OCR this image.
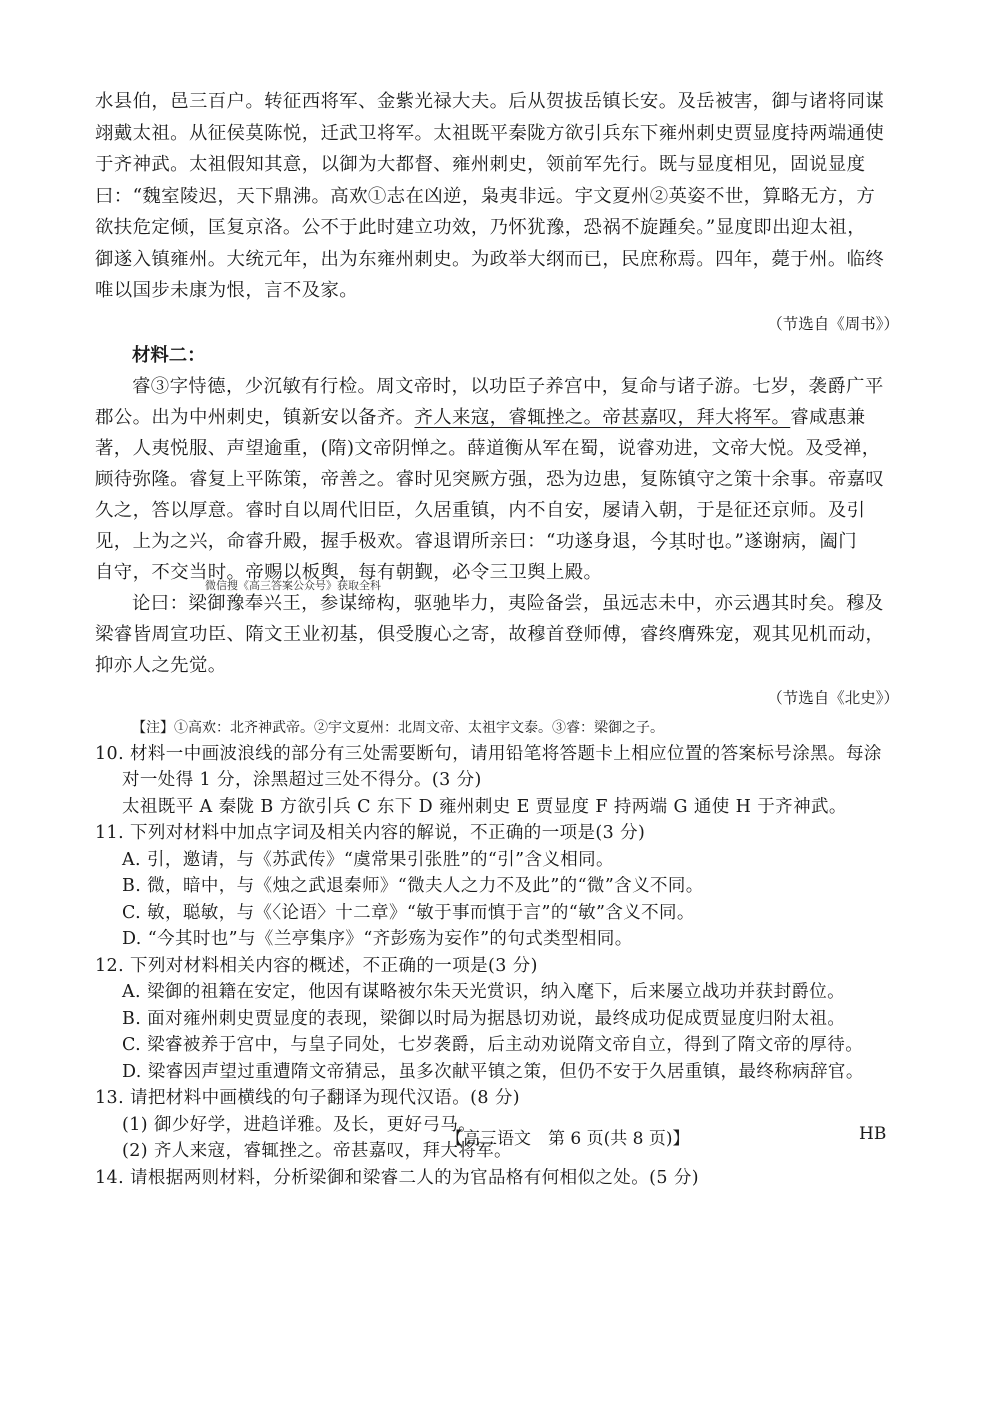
水县伯，邑三百户。转征西将军、金紫光禄大夫。后从贺拔岳镇长安。及岳被害，御与诸将同谋
翊戴太祖。从征侯莫陈悦，迁武卫将军。太祖既平秦陇方欲引兵东下雍州刺史贾显度持两端通使
于齐神武。太祖假知其意，以御为大都督、雍州刺史，领前军先行。既与显度相见，固说显度
曰：“魏室陵迟，天下鼎沸。高欢①志在凶逆，枭夷非远。宇文夏州②英姿不世，算略无方，方
欲扶危定倾，匡复京洛。公不于此时建立功效，乃怀犹豫，恐祸不旋踵矣。”显度即出迎太祖，
御遂入镇雍州。大统元年，出为东雍州刺史。为政举大纲而已，民庶称焉。四年，薨于州。临终
唯以国步未康为恨，言不及家。
（节选自《周书》）
材料二：
睿③字恃德，少沉敏有行检。周文帝时，以功臣子养宫中，复命与诸子游。七岁，袭爵广平
郡公。出为中州刺史，镇新安以备齐。齐人来寇，睿辄挫之。帝甚嘉叹，拜大将军。睿咸惠兼
著，人夷悦服、声望逾重，(隋)文帝阴惮之。薛道衡从军在蜀，说睿劝进，文帝大悦。及受禅，
顾待弥隆。睿复上平陈策，帝善之。睿时见突厥方强，恐为边患，复陈镇守之策十余事。帝嘉叹
久之，答以厚意。睿时自以周代旧臣，久居重镇，内不自安，屡请入朝，于是征还京师。及引
见，上为之兴，命睿升殿，握手极欢。睿退谓所亲曰：“功遂身退，今其时也。”遂谢病，阖门
自守，不交当时。帝赐以板舆，每有朝觐，必令三卫舆上殿。
论曰：梁御豫奉兴王，参谋缔构，驱驰毕力，夷险备尝，虽远志未中，亦云遇其时矣。穆及
梁睿皆周宣功臣、隋文王业初基，俱受腹心之寄，故穆首登师傅，睿终膺殊宠，观其见机而动，
抑亦人之先觉。
（节选自《北史》）
【注】①高欢：北齐神武帝。②宇文夏州：北周文帝、太祖宇文泰。③睿：梁御之子。
10. 材料一中画波浪线的部分有三处需要断句，请用铅笔将答题卡上相应位置的答案标号涂黑。每涂
对一处得 1 分，涂黑超过三处不得分。(3 分)
太祖既平 A 秦陇 B 方欲引兵 C 东下 D 雍州刺史 E 贾显度 F 持两端 G 通使 H 于齐神武。
11. 下列对材料中加点字词及相关内容的解说，不正确的一项是(3 分)
A. 引，邀请，与《苏武传》“虞常果引张胜”的“引”含义相同。
B. 微，暗中，与《烛之武退秦师》“微夫人之力不及此”的“微”含义不同。
C. 敏，聪敏，与《〈论语〉十二章》“敏于事而慎于言”的“敏”含义不同。
D. “今其时也”与《兰亭集序》“齐彭殇为妄作”的句式类型相同。
12. 下列对材料相关内容的概述，不正确的一项是(3 分)
A. 梁御的祖籍在安定，他因有谋略被尔朱天光赏识，纳入麾下，后来屡立战功并获封爵位。
B. 面对雍州刺史贾显度的表现，梁御以时局为据恳切劝说，最终成功促成贾显度归附太祖。
C. 梁睿被养于宫中，与皇子同处，七岁袭爵，后主动劝说隋文帝自立，得到了隋文帝的厚待。
D. 梁睿因声望过重遭隋文帝猜忌，虽多次献平镇之策，但仍不安于久居重镇，最终称病辞官。
13. 请把材料中画横线的句子翻译为现代汉语。(8 分)
(1) 御少好学，进趋详雅。及长，更好弓马。
(2) 齐人来寇，睿辄挫之。帝甚嘉叹，拜大将军。
14. 请根据两则材料，分析梁御和梁睿二人的为官品格有何相似之处。(5 分)
微信搜《高三答案公众号》获取全科
【高三语文　第 6 页(共 8 页)】	HB
